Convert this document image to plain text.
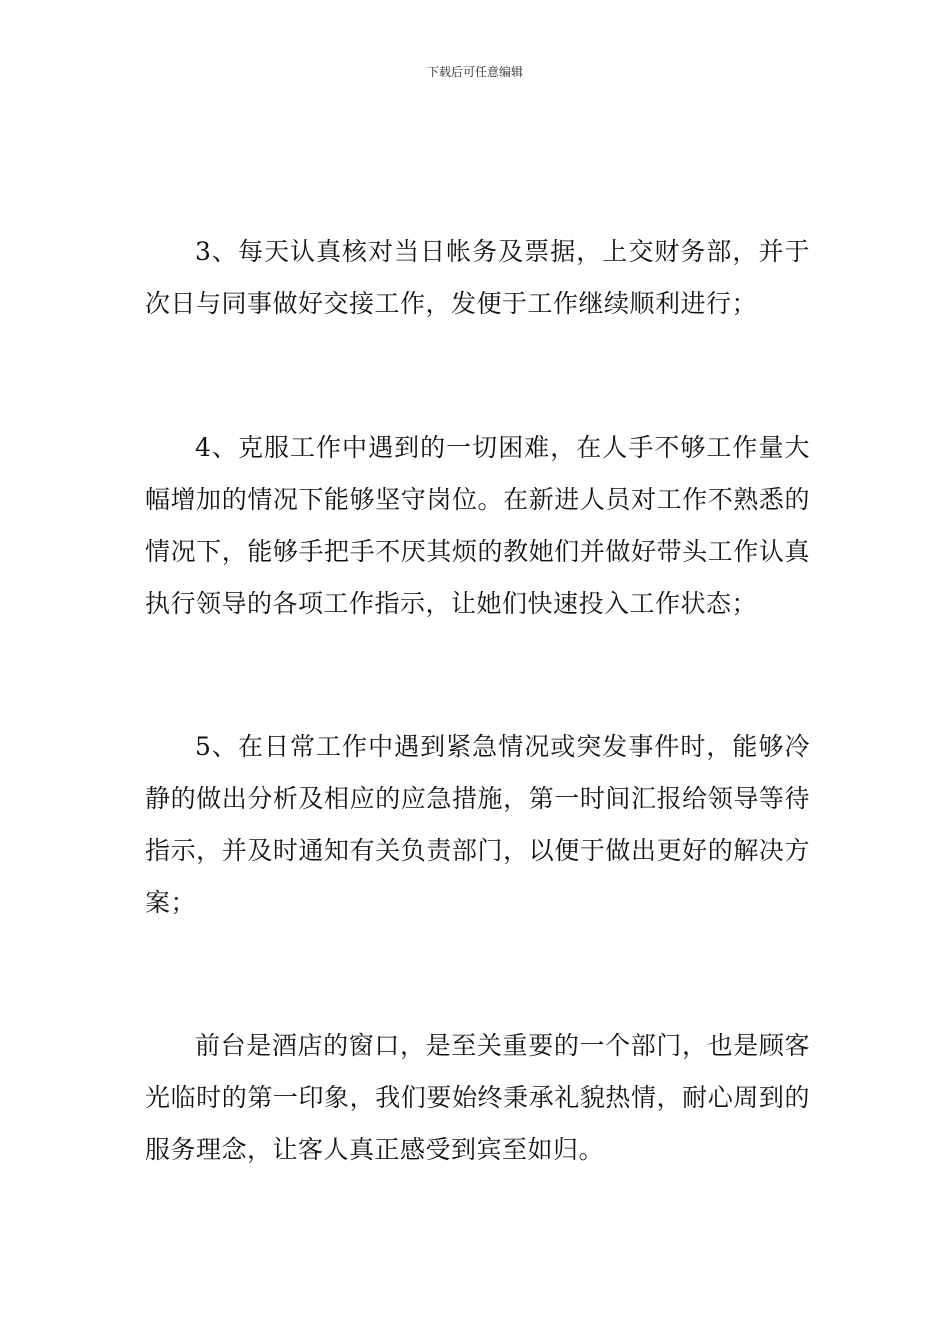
下载后可任意编辑

3、每天认真核对当日帐务及票据，上交财务部，并于次日与同事做好交接工作，发便于工作继续顺利进行；

4、克服工作中遇到的一切困难，在人手不够工作量大幅增加的情况下能够坚守岗位。在新进人员对工作不熟悉的情况下，能够手把手不厌其烦的教她们并做好带头工作认真执行领导的各项工作指示，让她们快速投入工作状态；

5、在日常工作中遇到紧急情况或突发事件时，能够冷静的做出分析及相应的应急措施，第一时间汇报给领导等待指示，并及时通知有关负责部门，以便于做出更好的解决方案；

前台是酒店的窗口，是至关重要的一个部门，也是顾客光临时的第一印象，我们要始终秉承礼貌热情，耐心周到的服务理念，让客人真正感受到宾至如归。
